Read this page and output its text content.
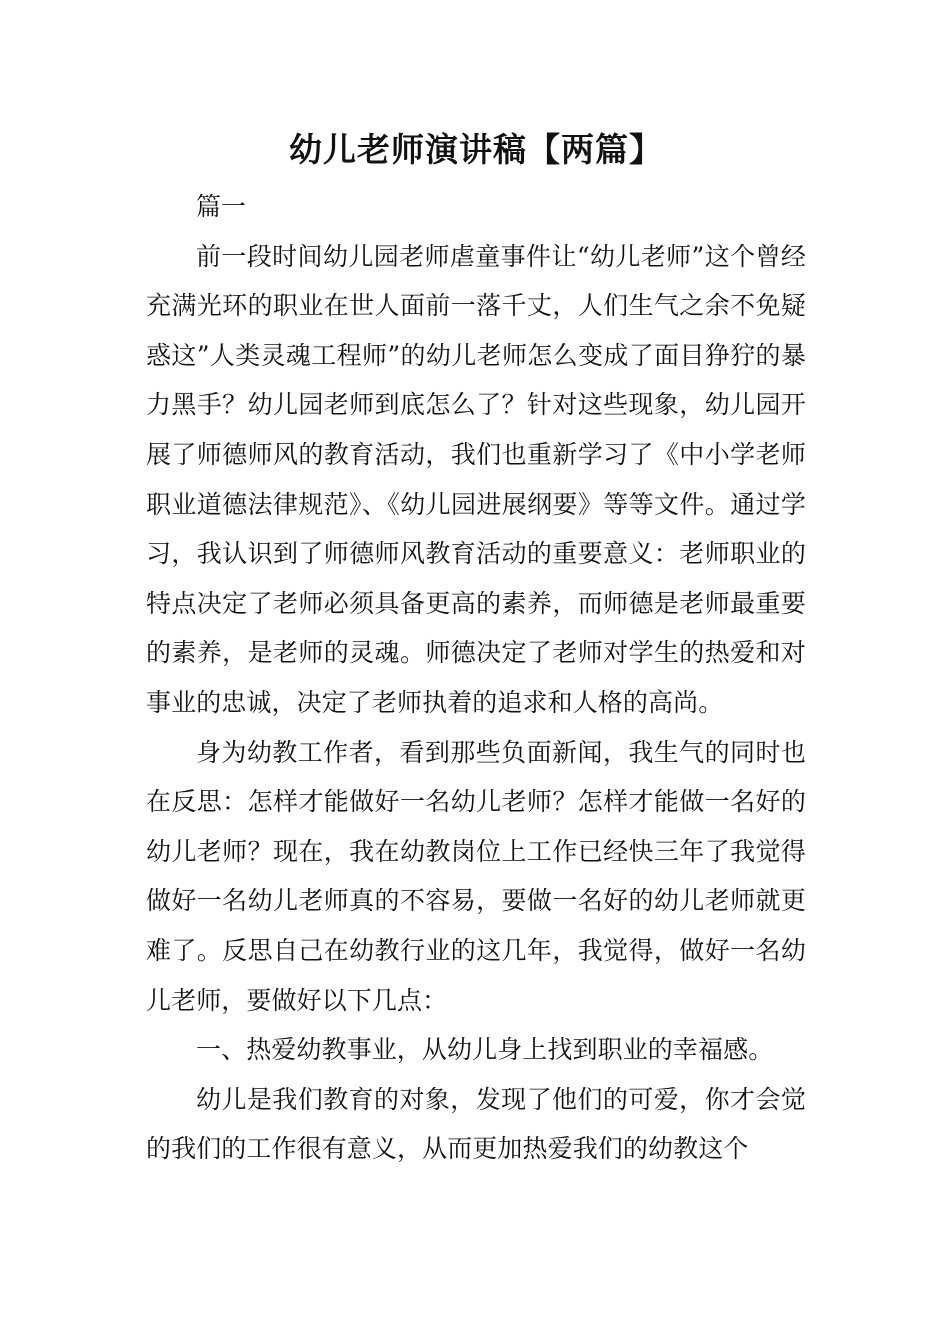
幼儿老师演讲稿【两篇】

篇一

前一段时间幼儿园老师虐童事件让“幼儿老师”这个曾经充满光环的职业在世人面前一落千丈，人们生气之余不免疑惑这”人类灵魂工程师”的幼儿老师怎么变成了面目狰狞的暴力黑手？幼儿园老师到底怎么了？针对这些现象，幼儿园开展了师德师风的教育活动，我们也重新学习了《中小学老师职业道德法律规范》、《幼儿园进展纲要》等等文件。通过学习，我认识到了师德师风教育活动的重要意义：老师职业的特点决定了老师必须具备更高的素养，而师德是老师最重要的素养，是老师的灵魂。师德决定了老师对学生的热爱和对事业的忠诚，决定了老师执着的追求和人格的高尚。

身为幼教工作者，看到那些负面新闻，我生气的同时也在反思：怎样才能做好一名幼儿老师？怎样才能做一名好的幼儿老师？现在，我在幼教岗位上工作已经快三年了我觉得做好一名幼儿老师真的不容易，要做一名好的幼儿老师就更难了。反思自己在幼教行业的这几年，我觉得，做好一名幼儿老师，要做好以下几点：

一、热爱幼教事业，从幼儿身上找到职业的幸福感。

幼儿是我们教育的对象，发现了他们的可爱，你才会觉的我们的工作很有意义，从而更加热爱我们的幼教这个
